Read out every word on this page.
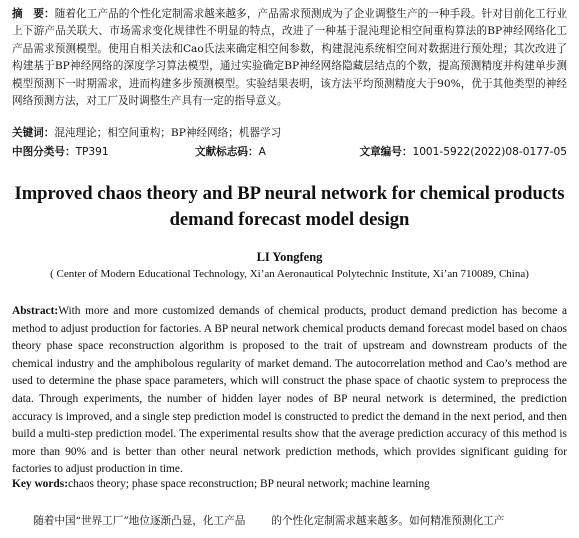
摘　要：随着化工产品的个性化定制需求越来越多，产品需求预测成为了企业调整生产的一种手段。针对目前化工行业上下游产品关联大、市场需求变化规律性不明显的特点，改进了一种基于混沌理论相空间重构算法的BP神经网络化工产品需求预测模型。使用自相关法和Cao氏法来确定相空间参数，构建混沌系统相空间对数据进行预处理；其次改进了构建基于BP神经网络的深度学习算法模型，通过实验确定BP神经网络隐藏层结点的个数，提高预测精度并构建单步测模型预测下一时期需求，进而构建多步预测模型。实验结果表明，该方法平均预测精度大于90%，优于其他类型的神经网络预测方法，对工厂及时调整生产具有一定的指导意义。
关键词：混沌理论；相空间重构；BP神经网络；机器学习
中图分类号：TP391	文献标志码：A	文章编号：1001-5922(2022)08-0177-05
Improved chaos theory and BP neural network for chemical products demand forecast model design
LI Yongfeng
( Center of Modern Educational Technology, Xi’an Aeronautical Polytechnic Institute, Xi’an 710089, China)
Abstract:With more and more customized demands of chemical products, product demand prediction has become a method to adjust production for factories. A BP neural network chemical products demand forecast model based on chaos theory phase space reconstruction algorithm is proposed to the trait of upstream and downstream products of the chemical industry and the amphibolous regularity of market demand. The autocorrelation method and Cao’s method are used to determine the phase space parameters, which will construct the phase space of chaotic system to preprocess the data. Through experiments, the number of hidden layer nodes of BP neural network is determined, the prediction accuracy is improved, and a single step prediction model is constructed to predict the demand in the next period, and then build a multi-step prediction model. The experimental results show that the average prediction accuracy of this method is more than 90% and is better than other neural network prediction methods, which provides significant guiding for factories to adjust production in time.
Key words:chaos theory; phase space reconstruction; BP neural network; machine learning
　　随着中国“世界工厂”地位逐渐凸显，化工产品 的个性化定制需求越来越多。如何精准预测化工产
